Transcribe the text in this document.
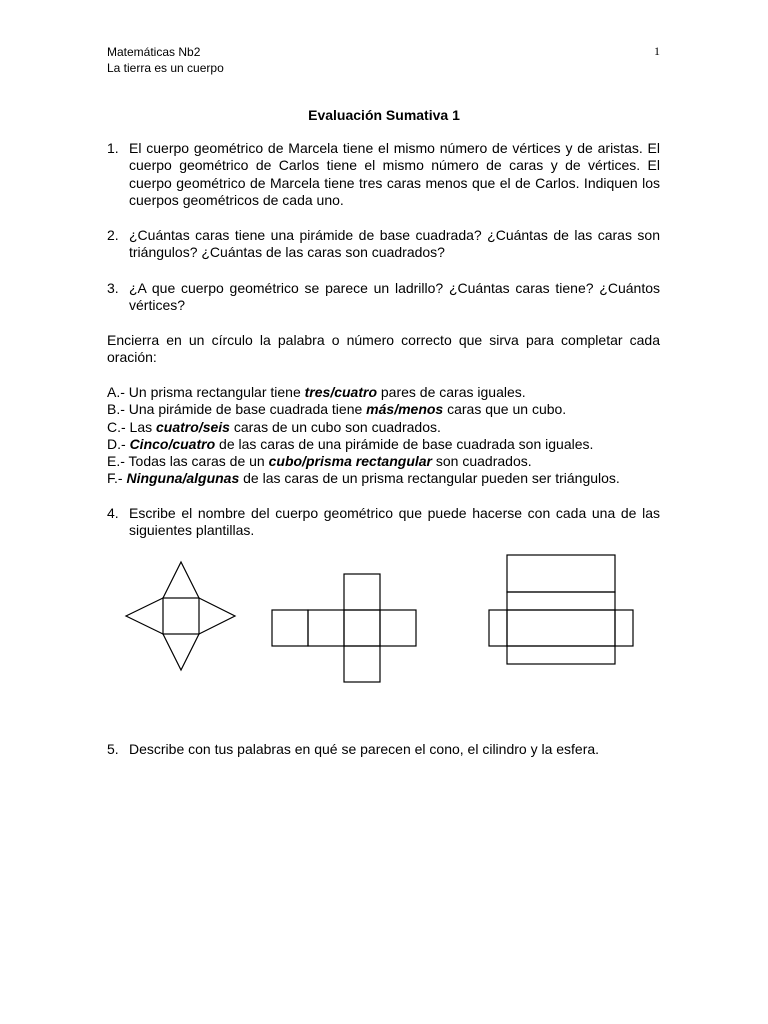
Matemáticas Nb2
La tierra es un cuerpo
1
Evaluación Sumativa 1
1. El cuerpo geométrico de Marcela tiene el mismo número de vértices y de aristas. El cuerpo geométrico de Carlos tiene el mismo número de caras y de vértices. El cuerpo geométrico de Marcela tiene tres caras menos que el de Carlos. Indiquen los cuerpos geométricos de cada uno.
2. ¿Cuántas caras tiene una pirámide de base cuadrada? ¿Cuántas de las caras son triángulos? ¿Cuántas de las caras son cuadrados?
3. ¿A que cuerpo geométrico se parece un ladrillo? ¿Cuántas caras tiene? ¿Cuántos vértices?
Encierra en un círculo la palabra o número correcto que sirva para completar cada oración:
A.- Un prisma rectangular tiene tres/cuatro pares de caras iguales.
B.- Una pirámide de base cuadrada tiene más/menos caras que un cubo.
C.- Las cuatro/seis caras de un cubo son cuadrados.
D.- Cinco/cuatro de las caras de una pirámide de base cuadrada son iguales.
E.- Todas las caras de un cubo/prisma rectangular son cuadrados.
F.- Ninguna/algunas de las caras de un prisma rectangular pueden ser triángulos.
4. Escribe el nombre del cuerpo geométrico que puede hacerse con cada una de las siguientes plantillas.
5. Describe con tus palabras en qué se parecen el cono, el cilindro y la esfera.
